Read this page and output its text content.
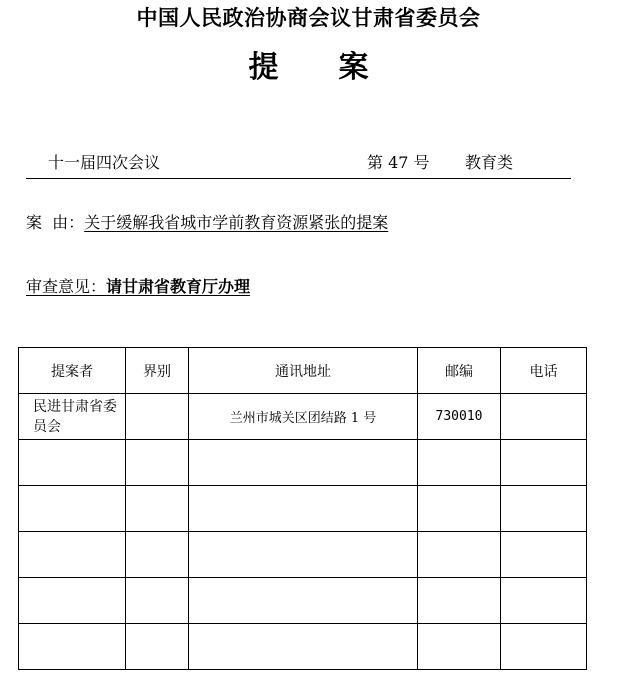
中国人民政治协商会议甘肃省委员会
提 案
十一届四次会议	第 47 号 教育类
案  由：关于缓解我省城市学前教育资源紧张的提案
审查意见：请甘肃省教育厅办理
提案者	界别	通讯地址	邮编	电话
民进甘肃省委员会		兰州市城关区团结路 1 号	730010	
